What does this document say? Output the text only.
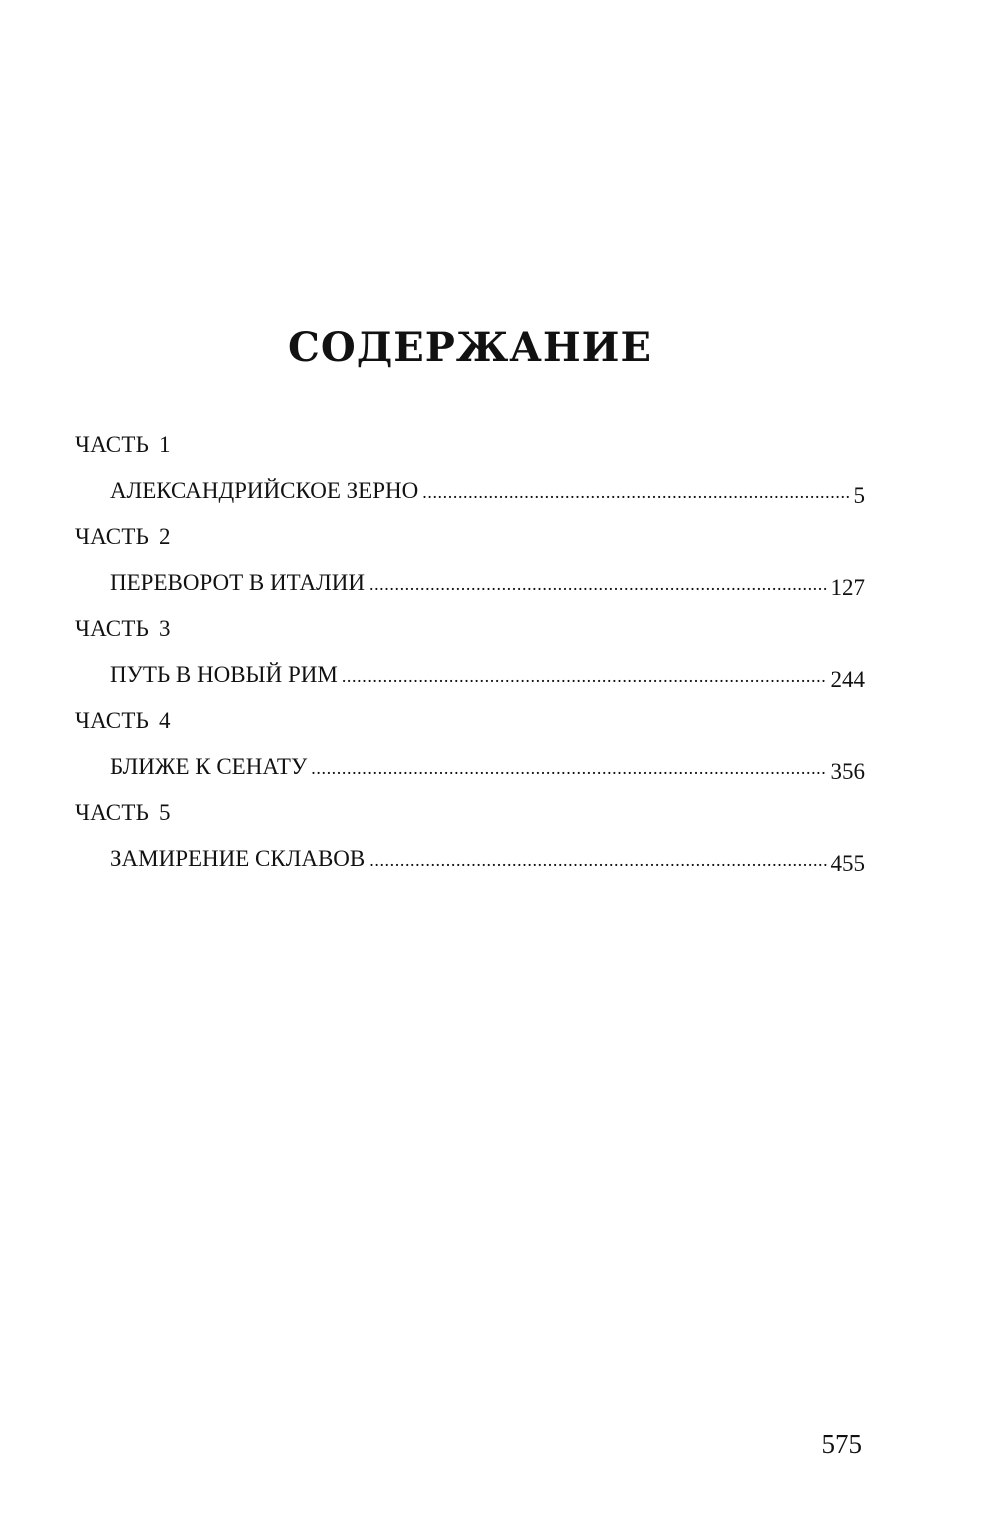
СОДЕРЖАНИЕ
ЧАСТЬ 1
АЛЕКСАНДРИЙСКОЕ ЗЕРНО .....	5
ЧАСТЬ 2
ПЕРЕВОРОТ В ИТАЛИИ .....	127
ЧАСТЬ 3
ПУТЬ В НОВЫЙ РИМ .....	244
ЧАСТЬ 4
БЛИЖЕ К СЕНАТУ .....	356
ЧАСТЬ 5
ЗАМИРЕНИЕ СКЛАВОВ .....	455
575
